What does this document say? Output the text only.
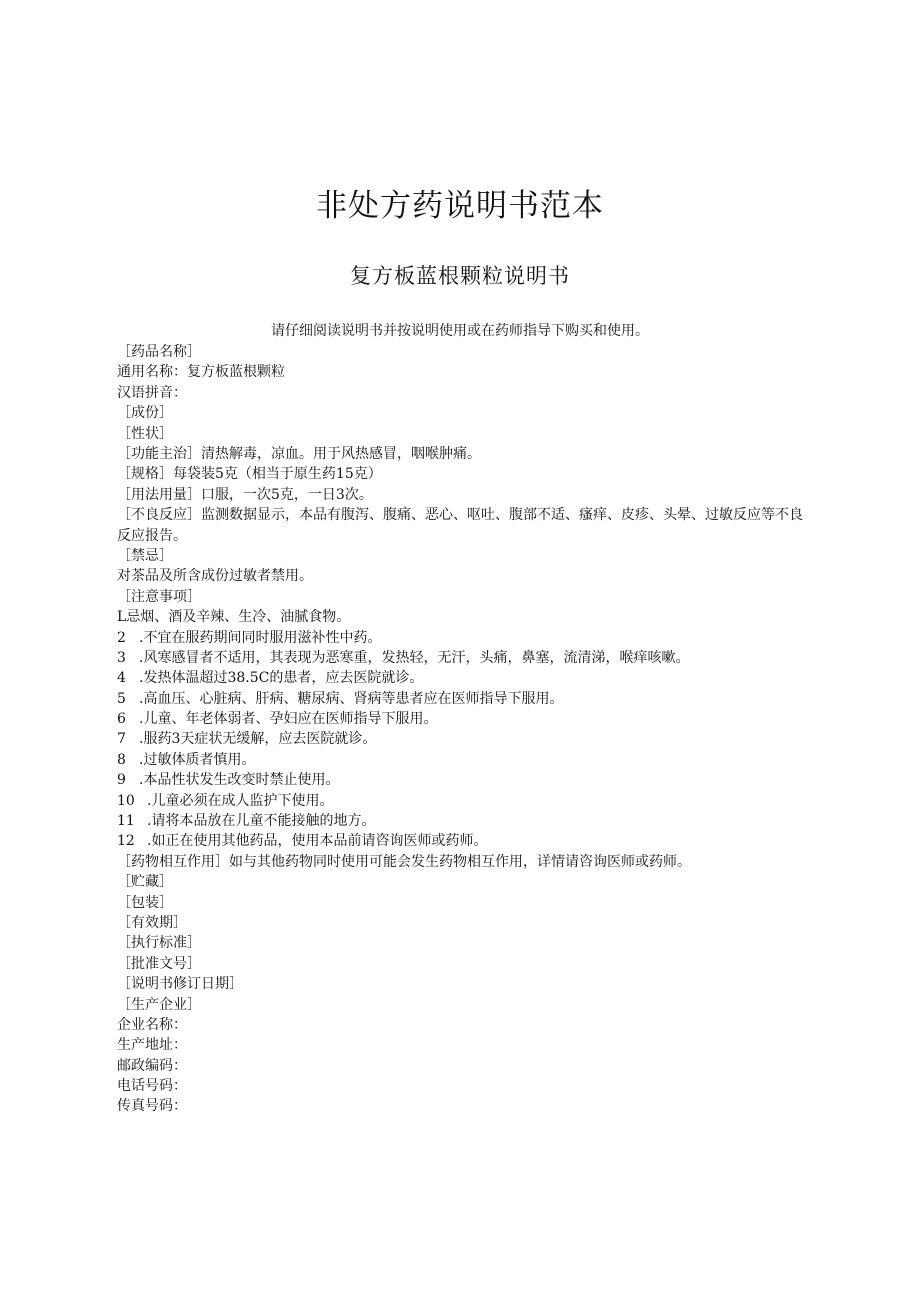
非处方药说明书范本
复方板蓝根颗粒说明书
请仔细阅读说明书并按说明使用或在药师指导下购买和使用。
［药品名称］
通用名称：复方板蓝根颗粒
汉语拼音：
［成份］
［性状］
［功能主治］清热解毒，凉血。用于风热感冒，咽喉肿痛。
［规格］每袋装5克（相当于原生药15克）
［用法用量］口服，一次5克，一日3次。
［不良反应］监测数据显示，本品有腹泻、腹痛、恶心、呕吐、腹部不适、瘙痒、皮疹、头晕、过敏反应等不良反应报告。
［禁忌］
对茶品及所含成份过敏者禁用。
［注意事项］
L忌烟、酒及辛辣、生冷、油腻食物。
2 .不宜在服药期间同时服用滋补性中药。
3 .风寒感冒者不适用，其表现为恶寒重，发热轻，无汗，头痛，鼻塞，流清涕，喉痒咳嗽。
4 .发热体温超过38.5C的患者，应去医院就诊。
5 .高血压、心脏病、肝病、糖尿病、肾病等患者应在医师指导下服用。
6 .儿童、年老体弱者、孕妇应在医师指导下服用。
7 .服药3天症状无缓解，应去医院就诊。
8 .过敏体质者慎用。
9 .本品性状发生改变时禁止使用。
10 .儿童必须在成人监护下使用。
11 .请将本品放在儿童不能接触的地方。
12 .如正在使用其他药品，使用本品前请咨询医师或药师。
［药物相互作用］如与其他药物同时使用可能会发生药物相互作用，详情请咨询医师或药师。
［贮藏］
［包装］
［有效期］
［执行标准］
［批准文号］
［说明书修订日期］
［生产企业］
企业名称：
生产地址：
邮政编码：
电话号码：
传真号码：
